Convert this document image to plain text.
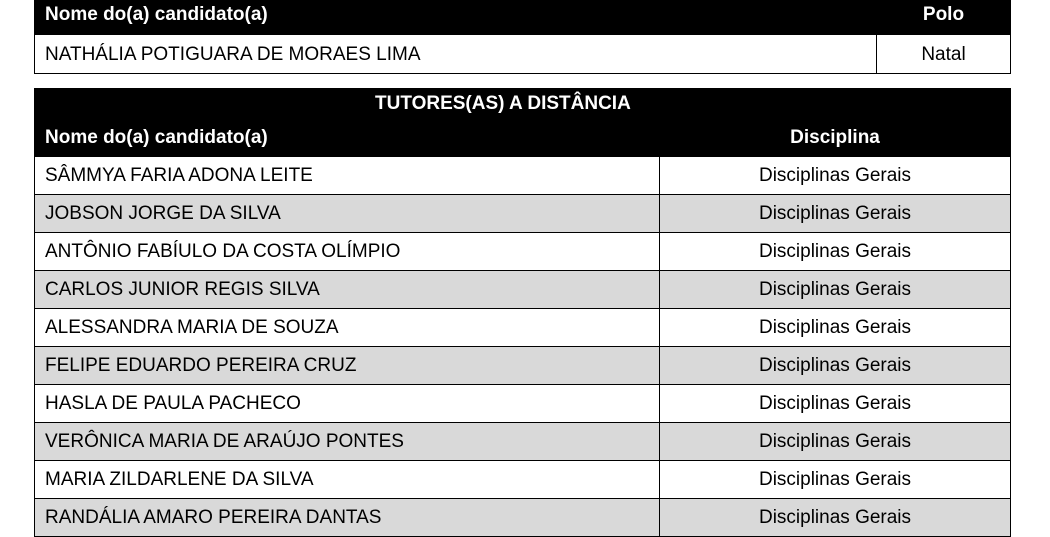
Nome do(a) candidato(a)	Polo
NATHÁLIA POTIGUARA DE MORAES LIMA	Natal
TUTORES(AS) A DISTÂNCIA	
Nome do(a) candidato(a)	Disciplina
SÂMMYA FARIA ADONA LEITE	Disciplinas Gerais
JOBSON JORGE DA SILVA	Disciplinas Gerais
ANTÔNIO FABÍULO DA COSTA OLÍMPIO	Disciplinas Gerais
CARLOS JUNIOR REGIS SILVA	Disciplinas Gerais
ALESSANDRA MARIA DE SOUZA	Disciplinas Gerais
FELIPE EDUARDO PEREIRA CRUZ	Disciplinas Gerais
HASLA DE PAULA PACHECO	Disciplinas Gerais
VERÔNICA MARIA DE ARAÚJO PONTES	Disciplinas Gerais
MARIA ZILDARLENE DA SILVA	Disciplinas Gerais
RANDÁLIA AMARO PEREIRA DANTAS	Disciplinas Gerais
